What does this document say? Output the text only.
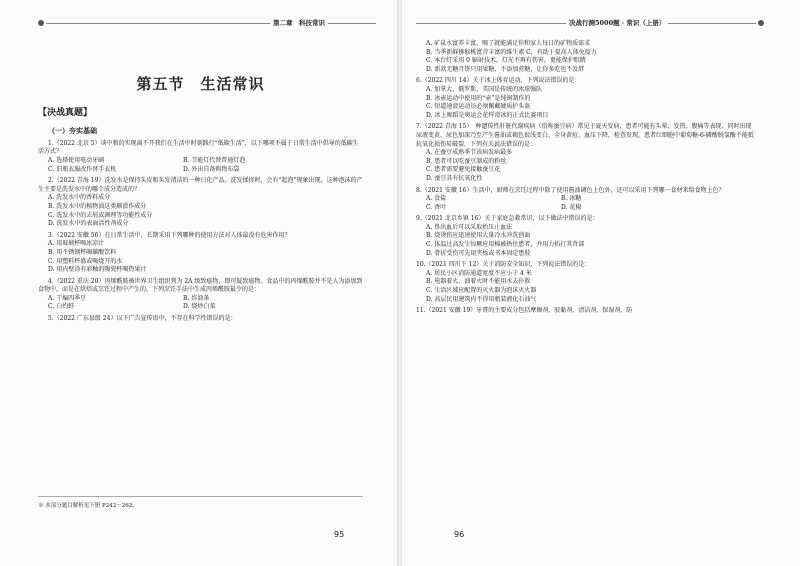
第二章　科技常识
第五节　生活常识
【决战真题】
（一）夯实基础
1.（2022 北京 5）谈中和的实现离不开我们在生活中时刻践行“低碳生活”，以下哪项不属于日常生活中倡导的低碳生活方式？
A. 选择使用电动牙刷	B. 节能灯代替普通灯泡
C. 旧瓶衣服改作替手衣机	D. 外出自备购物布袋
2.（2022 青海 19）洗发水是保持头皮和头发清洁的一种日化产品。洗发揉搓时，会有“起泡”现象出现。这种泡沫的产生主要是洗发水中的哪个成分造成的？
A. 洗发水中的香料成分
B. 洗发水中的植物油这类顺滑作成分
C. 洗发水中的去屑或调理等功能性成分
D. 洗发水中的表面活性剂成分
3.（2022 安徽 56）在日常生活中，长期采用下列哪种的使用方法对人体最没有危害作用？
A. 用玻璃杯喝冰凉汁
B. 用不锈钢杯喝碳酸饮料
C. 用塑料杯盛或喝烧开的水
D. 用内壁涂有彩釉的陶瓷杯喝热果汁
4.（2022 重庆 20）丙烯酰胺被世界卫生组织列为 2A 级致癌物，即可疑致癌物。食品中的丙烯酰胺并不是人为添加到食物中，而是在烘焙或烹饪过程中产生的。下列烹饪手法中生成丙烯酰胺最少的是：
A. 干煸四季豆	B. 炸油条
C. 白灼虾	D. 烧炒白菜
5.（2022 广东县级 24）以下广告宣传语中，不存在科学性错误的是：
※ 本部分题目解析见下册 P242～262。
95
决战行测5000题 · 常识（上册）
A. 矿泉水富养卡富，喝了就能满足你和家人每日的矿物质需求
B. 当季新鲜猕猴桃富含丰富的维生素 C，有助于提高人体免疫力
C. 本台灯采用 0 辐射技术，灯光不再有伤害，更能保护眼睛
D. 新款无糖月饼只用果糖，不添加蔗糖，让你多吃也不发胖
6.（2022 四川 14）关于冰上体育运动，下列说法错误的是：
A. 加拿大、俄罗斯、美国是传统的冰球强队
B. 冰壶运动中使用的“壶”是纯铜制作的
C. 短道速滑运动员必须佩戴硬质护头盔
D. 冰上舞蹈是奥运会花样滑冰的正式比赛项目
7.（2022 青海 15）　种遗传性肝脏代谢疾病（俗称蚕豆病）常见于夏天发病，患者可能有头晕、发热、腹痛等表现，同时出现尿液变黄、尿色加深乃至产生酱油或褐色很浅变白、全身黄疸、血压下降，检查发现，患者红细胞中葡萄糖-6-磷酸脱氢酶不能抵抗氧化损伤易破裂，下列有关说法错误的是：
A. 在蚕豆成熟季节该病发病最多
B. 患者可以吃蚕豆制成的粉丝
C. 患者需要避免接触蚕豆花
D. 蚕豆具有抗氧化性
8.（2021 安徽 16）生活中，厨师在烹饪过程中除了使用酱油调色上色外，还可以采用下列哪一食材来给食物上色？
A. 食盐	B. 冰糖
C. 香叶	D. 花椒
9.（2021 北京乡镇 16）关于家庭急救常识，以下做法中错误的是：
A. 鼻出血后可以采取抬压止血法
B. 烧烫伤应迅速使用大量冷水冲洗创面
C. 体温过高发生惊厥应用棉被捂住患者，并用力掐打其背部
D. 骨折受伤可先用夹板或书本固定患肢
10.（2021 四川下 12）关于消防安全知识，下列说法错误的是：
A. 居民小区消防通道宽度不应小于 4 米
B. 电器着火、油着火时不能用水去扑救
C. 生活区域应配置的灭火器为泡沫灭火器
D. 高层民用建筑内不得用瓶装液化石油气
11.（2021 安徽 19）牙膏的主要成分包括摩擦剂、胶黏剂、清洁剂、保湿剂、防
96
